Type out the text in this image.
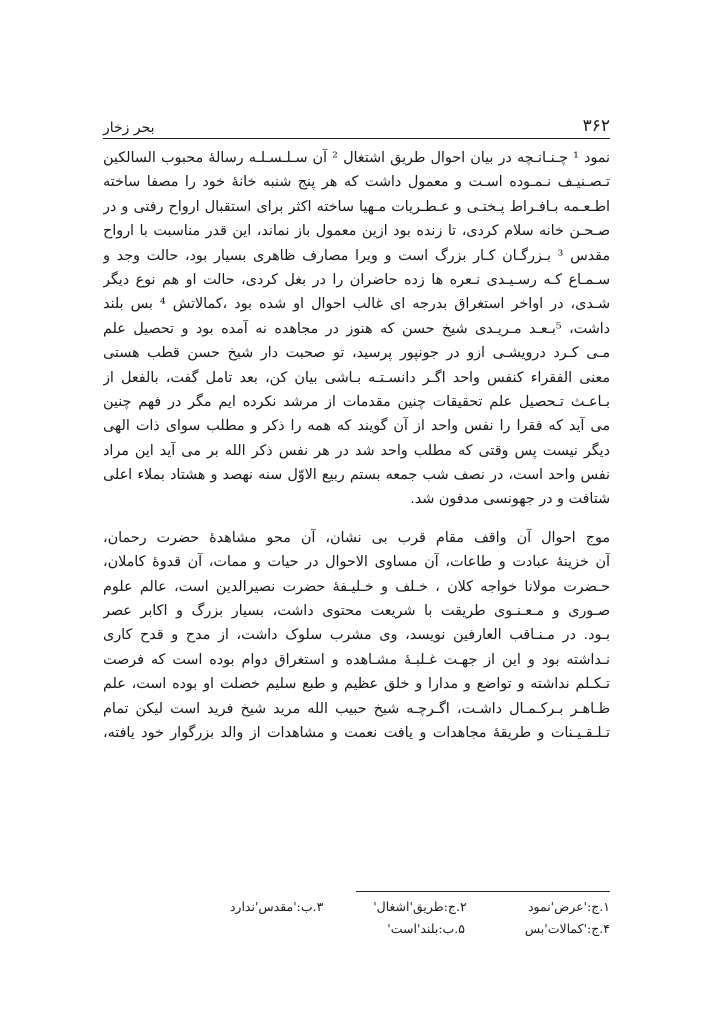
بحر زخار	۳۶۲
نمود ¹ چـنـانـچه در بیان احوال طریق اشتغال ² آن سـلـسـلـه رسالهٔ محبوب السالکین
تـصـنیـف نـمـوده اسـت و معمول داشت که هر پنج شنبه خانهٔ خود را مصفا ساخته
اطـعـمه بـافـراط پـختـی و عـطـریات مـهیا ساخته اکثر برای استقبال ارواح رفتی و در
صـحـن خانه سلام کردی، تا زنده بود ازین معمول باز نماند، این قدر مناسبت با ارواح
مقدس ³ بـزرگـان کـار بزرگ است و ویرا مصارف ظاهری بسیار بود، حالت وجد و
سـمـاع کـه رسـیـدی نـعره ها زده حاضران را در بغل کردی، حالت او هم نوع دیگر
شـدی، در اواخر استغراق بدرجه ای غالب احوال او شده بود ،کمالاتش ⁴ بس بلند
داشت، ⁵بـعـد مـریـدی شیخ حسن که هنوز در مجاهده نه آمده بود و تحصیل علم
مـی کـرد درویشـی ازو در جونپور پرسید، تو صحبت دار شیخ حسن قطب هستی
معنی الفقراء کنفس واحد اگـر دانسـتـه بـاشی بیان کن، بعد تامل گفت، بالفعل از
بـاعـث تـحصیل علم تحقیقات چنین مقدمات از مرشد نکرده ایم مگر در فهم چنین
می آید که فقرا را نفس واحد از آن گویند که همه را ذکر و مطلب سوای ذات الهی
دیگر نیست پس وقتی که مطلب واحد شد در هر نفس ذکر الله بر می آید این مراد
نفس واحد است، در نصف شب جمعه بستم ربیع الاوّل سنه نهصد و هشتاد بملاء اعلی
شتافت و در جهونسی مدفون شد.
موج احوال آن واقف مقام قرب بی نشان، آن محو مشاهدهٔ حضرت رحمان،
آن خزینهٔ عبادت و طاعات، آن مساوی الاحوال در حیات و ممات، آن قدوهٔ کاملان،
حـضرت مولانا خواجه کلان ، خـلف و خـلیـفهٔ حضرت نصیرالدین است، عالم علوم
صـوری و مـعـنـوی طریقت با شریعت محتوی داشت، بسیار بزرگ و اکابر عصر
بـود. در مـنـاقب العارفین نویسد، وی مشرب سلوک داشت، از مدح و قدح کاری
نـداشته بود و این از جهـت غـلبـهٔ مشـاهده و استغراق دوام بوده است که فرصت
تـکـلم نداشته و تواضع و مدارا و خلق عظیم و طبع سلیم خصلت او بوده است، علم
ظـاهـر بـرکـمـال داشـت، اگـرچـه شیخ حبیب الله مرید شیخ فرید است لیکن تمام
تـلـقـیـنات و طریقهٔ مجاهدات و یافت نعمت و مشاهدات از والد بزرگوار خود یافته،
۱.ج:'عرض'نمود
۲.ج:طریق'اشغال'
۳.ب:'مقدس'ندارد
۴.ج:'کمالات'بس
۵.ب:بلند'است'
